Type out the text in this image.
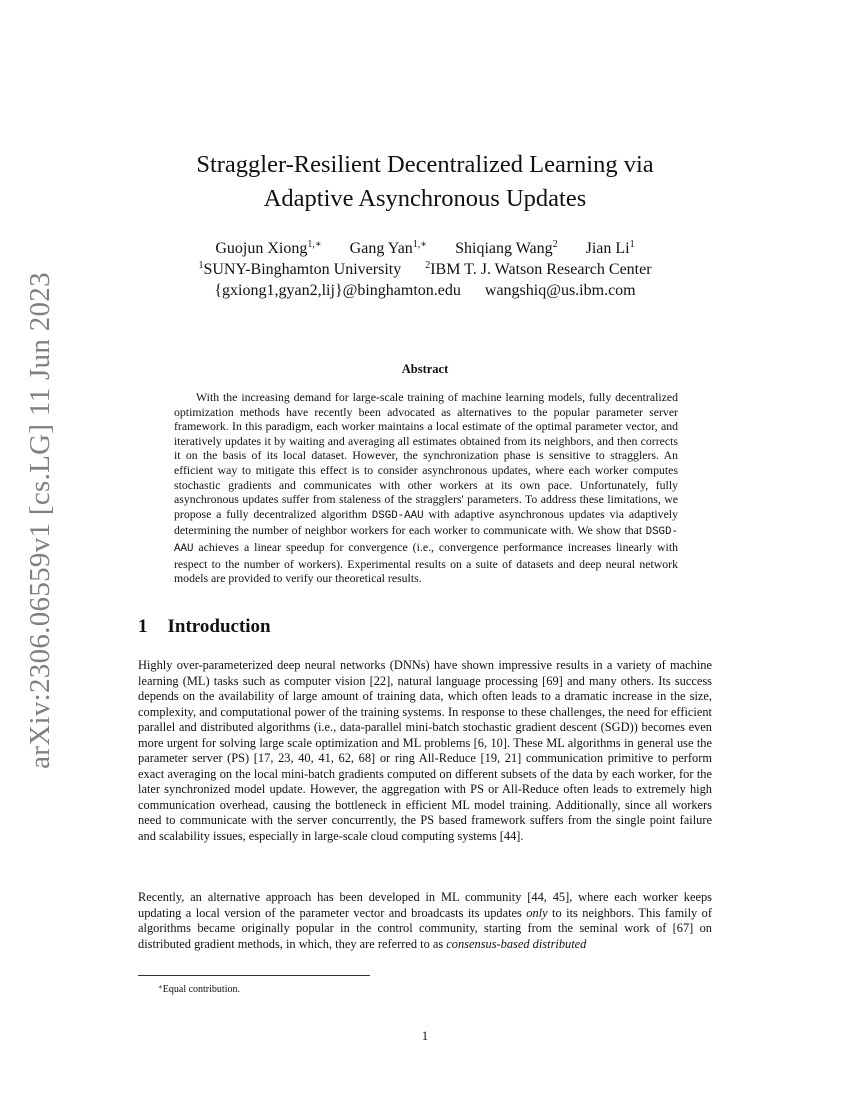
arXiv:2306.06559v1 [cs.LG] 11 Jun 2023
Straggler-Resilient Decentralized Learning via
Adaptive Asynchronous Updates
Guojun Xiong$^{1,∗}$ Gang Yan$^{1,∗}$ Shiqiang Wang$^2$ Jian Li$^1$
$^1$SUNY-Binghamton University $^2$IBM T. J. Watson Research Center
{gxiong1,gyan2,lij}@binghamton.edu wangshiq@us.ibm.com
Abstract

With the increasing demand for large-scale training of machine learning models, fully decentralized optimization methods have recently been advocated as alternatives to the popular parameter server framework. In this paradigm, each worker maintains a local estimate of the optimal parameter vector, and iteratively updates it by waiting and averaging all estimates obtained from its neighbors, and then corrects it on the basis of its local dataset. However, the synchronization phase is sensitive to stragglers. An efficient way to mitigate this effect is to consider asynchronous updates, where each worker computes stochastic gradients and communicates with other workers at its own pace. Unfortunately, fully asynchronous updates suffer from staleness of the stragglers' parameters. To address these limitations, we propose a fully decentralized algorithm DSGD-AAU with adaptive asynchronous updates via adaptively determining the number of neighbor workers for each worker to communicate with. We show that DSGD-AAU achieves a linear speedup for convergence (i.e., convergence performance increases linearly with respect to the number of workers). Experimental results on a suite of datasets and deep neural network models are provided to verify our theoretical results.

1 Introduction

Highly over-parameterized deep neural networks (DNNs) have shown impressive results in a variety of machine learning (ML) tasks such as computer vision [22], natural language processing [69] and many others. Its success depends on the availability of large amount of training data, which often leads to a dramatic increase in the size, complexity, and computational power of the training systems. In response to these challenges, the need for efficient parallel and distributed algorithms (i.e., data-parallel mini-batch stochastic gradient descent (SGD)) becomes even more urgent for solving large scale optimization and ML problems [6, 10]. These ML algorithms in general use the parameter server (PS) [17, 23, 40, 41, 62, 68] or ring All-Reduce [19, 21] communication primitive to perform exact averaging on the local mini-batch gradients computed on different subsets of the data by each worker, for the later synchronized model update. However, the aggregation with PS or All-Reduce often leads to extremely high communication overhead, causing the bottleneck in efficient ML model training. Additionally, since all workers need to communicate with the server concurrently, the PS based framework suffers from the single point failure and scalability issues, especially in large-scale cloud computing systems [44].

Recently, an alternative approach has been developed in ML community [44, 45], where each worker keeps updating a local version of the parameter vector and broadcasts its updates only to its neighbors. This family of algorithms became originally popular in the control community, starting from the seminal work of [67] on distributed gradient methods, in which, they are referred to as consensus-based distributed

∗Equal contribution.
1
